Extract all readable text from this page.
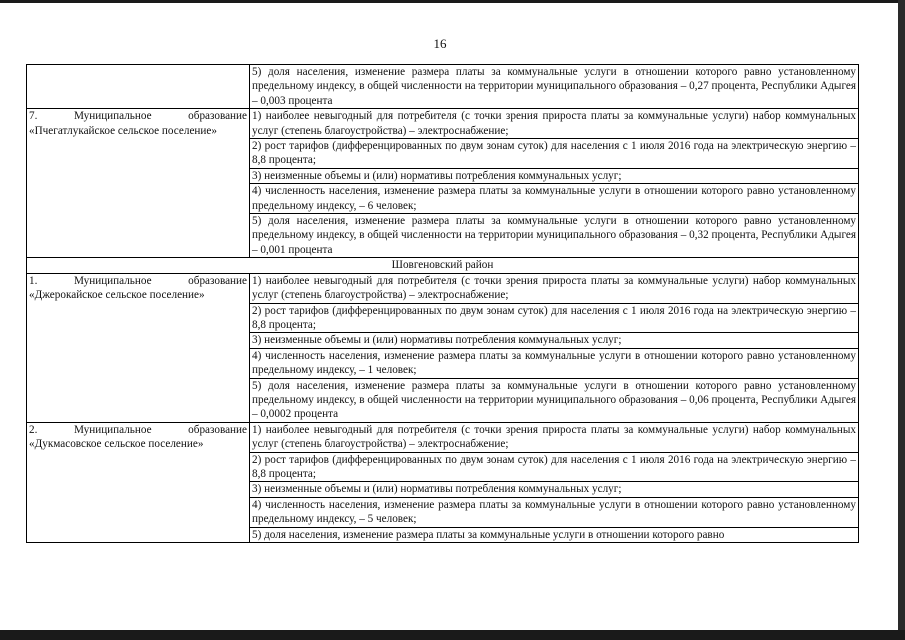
16

	5) доля населения, изменение размера платы за коммунальные услуги в отношении которого равно установленному предельному индексу, в общей численности на территории муниципального образования – 0,27 процента, Республики Адыгея – 0,003 процента

7. Муниципальное образование «Пчегатлукайское сельское поселение»	1) наиболее невыгодный для потребителя (с точки зрения прироста платы за коммунальные услуги) набор коммунальных услуг (степень благоустройства) – электроснабжение;
2) рост тарифов (дифференцированных по двум зонам суток) для населения с 1 июля 2016 года на электрическую энергию – 8,8 процента;
3) неизменные объемы и (или) нормативы потребления коммунальных услуг;
4) численность населения, изменение размера платы за коммунальные услуги в отношении которого равно установленному предельному индексу, – 6 человек;
5) доля населения, изменение размера платы за коммунальные услуги в отношении которого равно установленному предельному индексу, в общей численности на территории муниципального образования – 0,32 процента, Республики Адыгея – 0,001 процента

Шовгеновский район	

1. Муниципальное образование «Джерокайское сельское поселение»	1) наиболее невыгодный для потребителя (с точки зрения прироста платы за коммунальные услуги) набор коммунальных услуг (степень благоустройства) – электроснабжение;
2) рост тарифов (дифференцированных по двум зонам суток) для населения с 1 июля 2016 года на электрическую энергию – 8,8 процента;
3) неизменные объемы и (или) нормативы потребления коммунальных услуг;
4) численность населения, изменение размера платы за коммунальные услуги в отношении которого равно установленному предельному индексу, – 1 человек;
5) доля населения, изменение размера платы за коммунальные услуги в отношении которого равно установленному предельному индексу, в общей численности на территории муниципального образования – 0,06 процента, Республики Адыгея – 0,0002 процента

2. Муниципальное образование «Дукмасовское сельское поселение»	1) наиболее невыгодный для потребителя (с точки зрения прироста платы за коммунальные услуги) набор коммунальных услуг (степень благоустройства) – электроснабжение;
2) рост тарифов (дифференцированных по двум зонам суток) для населения с 1 июля 2016 года на электрическую энергию – 8,8 процента;
3) неизменные объемы и (или) нормативы потребления коммунальных услуг;
4) численность населения, изменение размера платы за коммунальные услуги в отношении которого равно установленному предельному индексу, – 5 человек;
5) доля населения, изменение размера платы за коммунальные услуги в отношении которого равно
